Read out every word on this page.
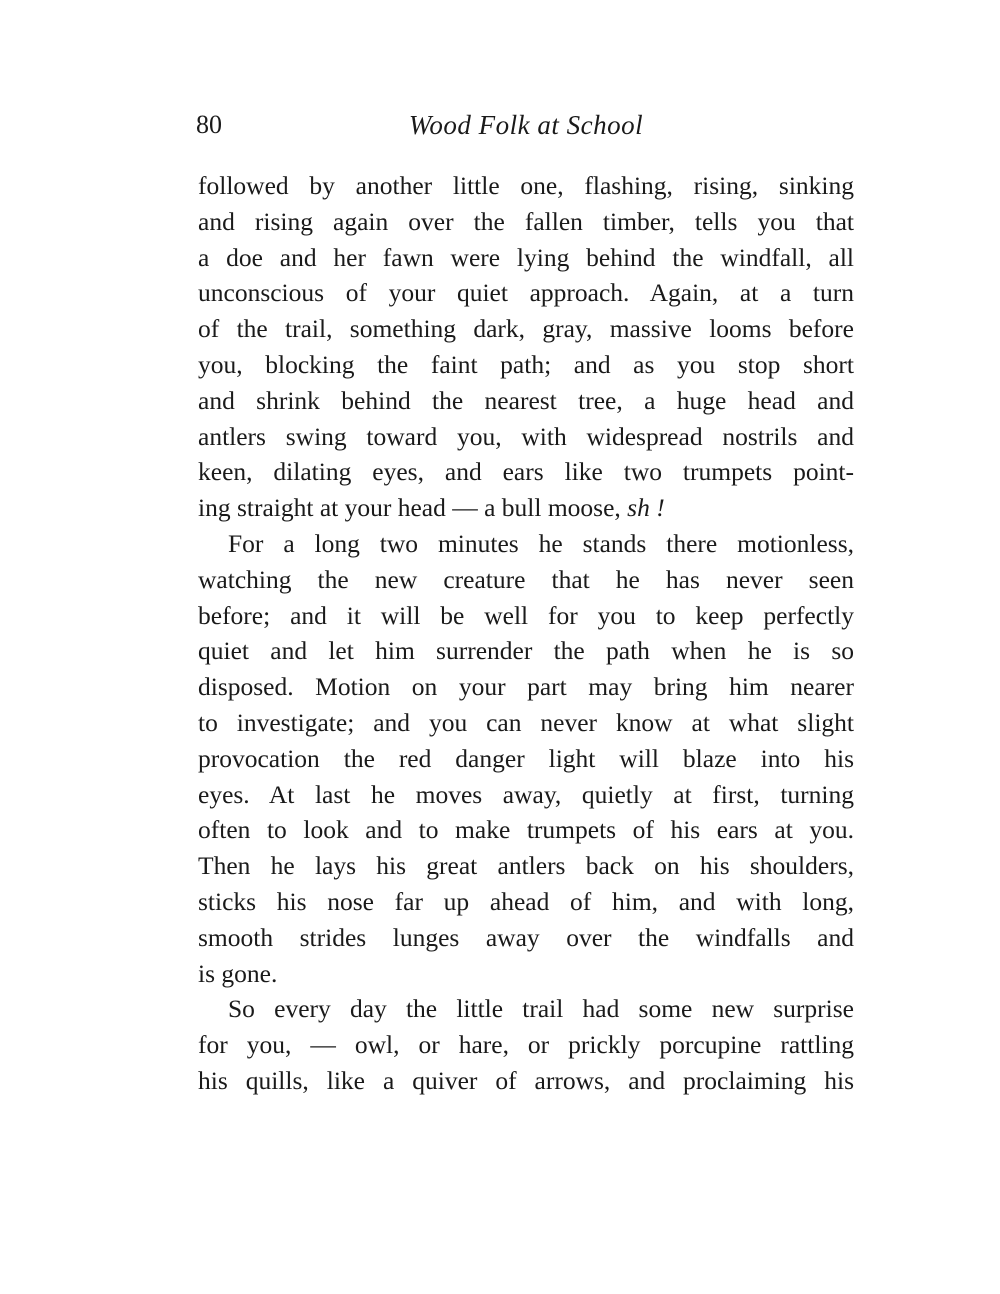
80	Wood Folk at School
followed by another little one, flashing, rising, sinking
and rising again over the fallen timber, tells you that
a doe and her fawn were lying behind the windfall, all
unconscious of your quiet approach. Again, at a turn
of the trail, something dark, gray, massive looms before
you, blocking the faint path; and as you stop short
and shrink behind the nearest tree, a huge head and
antlers swing toward you, with widespread nostrils and
keen, dilating eyes, and ears like two trumpets point-
ing straight at your head — a bull moose, sh !
For a long two minutes he stands there motionless,
watching the new creature that he has never seen
before; and it will be well for you to keep perfectly
quiet and let him surrender the path when he is so
disposed. Motion on your part may bring him nearer
to investigate; and you can never know at what slight
provocation the red danger light will blaze into his
eyes. At last he moves away, quietly at first, turning
often to look and to make trumpets of his ears at you.
Then he lays his great antlers back on his shoulders,
sticks his nose far up ahead of him, and with long,
smooth strides lunges away over the windfalls and
is gone.
So every day the little trail had some new surprise
for you, — owl, or hare, or prickly porcupine rattling
his quills, like a quiver of arrows, and proclaiming his
